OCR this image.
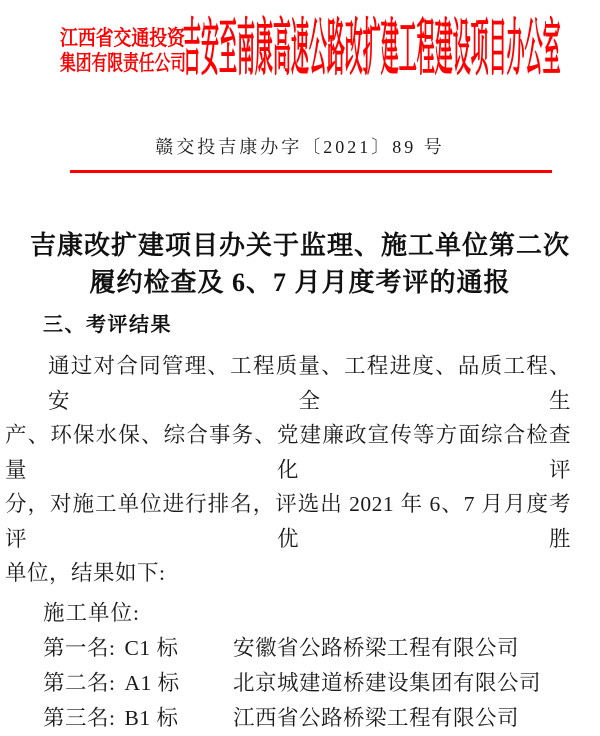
江西省交通投资
集团有限责任公司
吉安至南康高速公路改扩建工程建设项目办公室
赣交投吉康办字〔2021〕89 号
吉康改扩建项目办关于监理、施工单位第二次
履约检查及 6、7 月月度考评的通报
三、考评结果
通过对合同管理、工程质量、工程进度、品质工程、安全生
产、环保水保、综合事务、党建廉政宣传等方面综合检查量化评
分，对施工单位进行排名，评选出 2021 年 6、7 月月度考评优胜
单位，结果如下:
施工单位:
第一名: C1 标	安徽省公路桥梁工程有限公司
第二名: A1 标 北京城建道桥建设集团有限公司
第三名: B1 标	江西省公路桥梁工程有限公司
